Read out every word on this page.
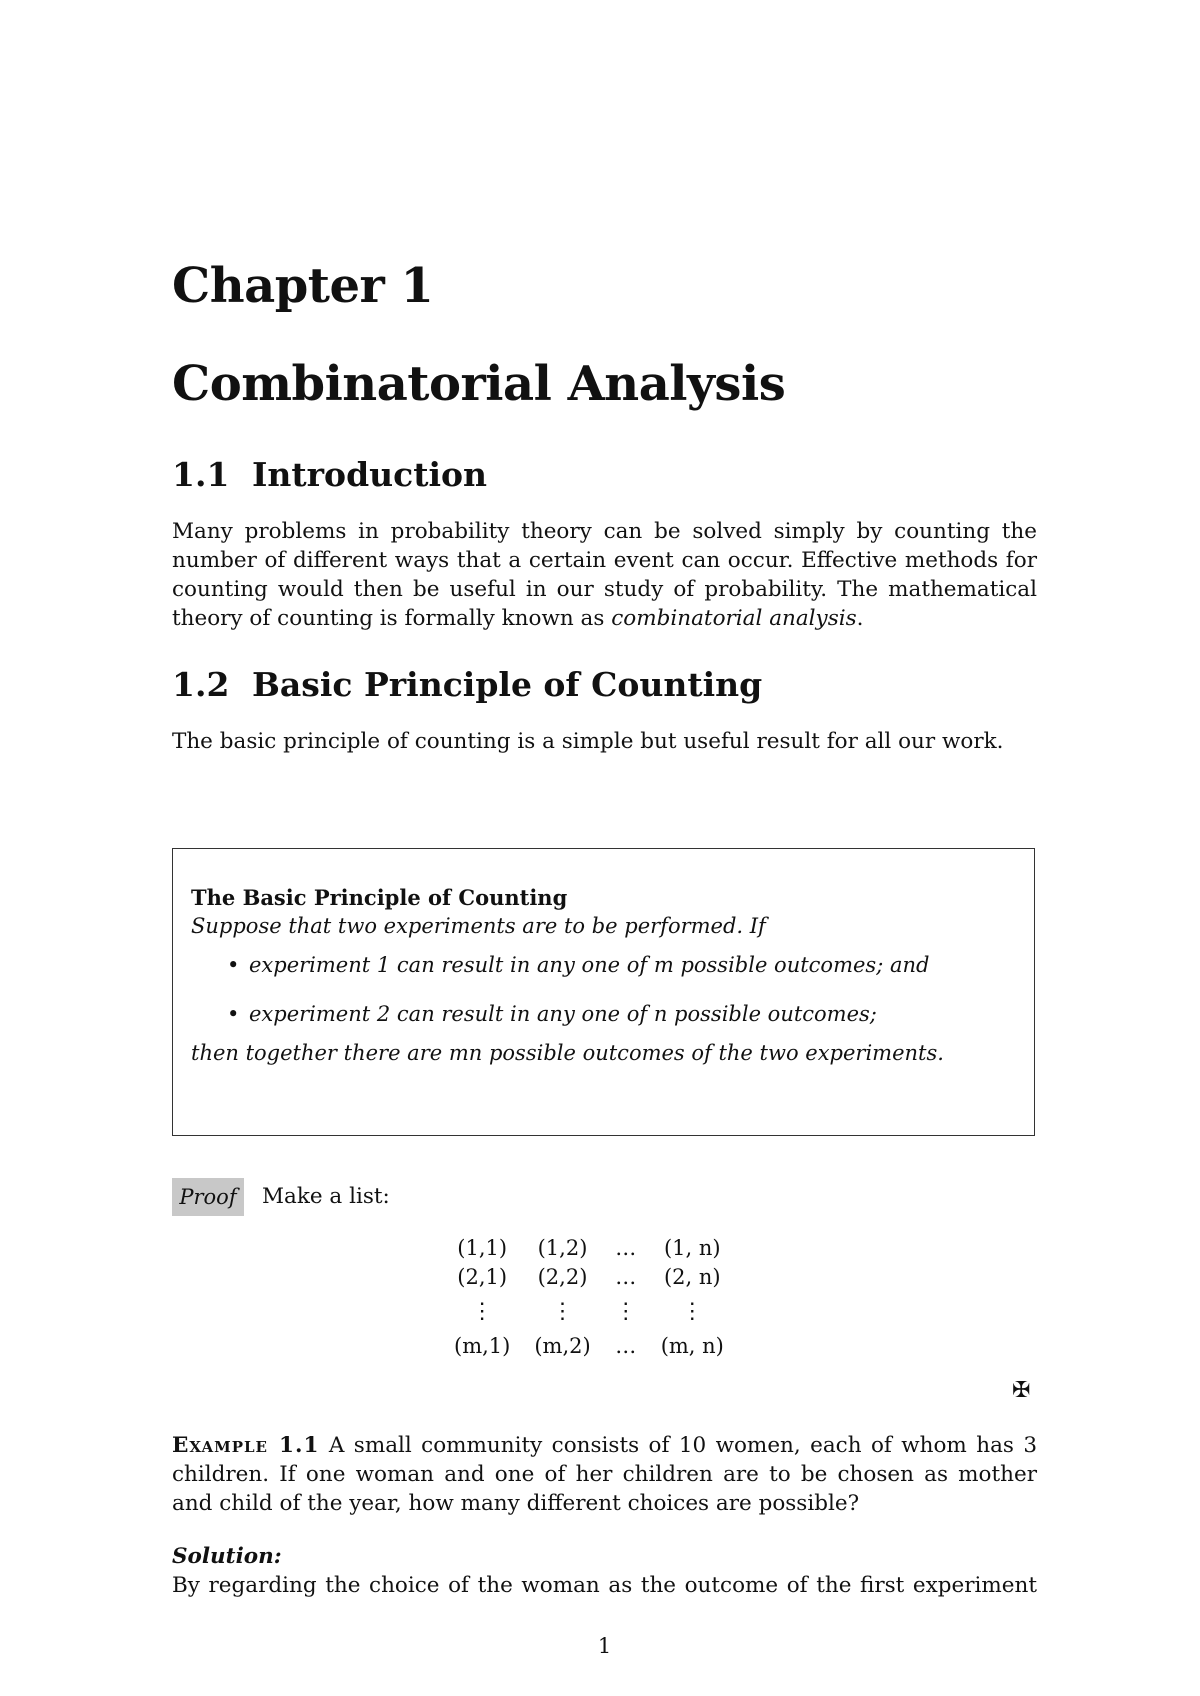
Chapter 1
Combinatorial Analysis
1.1 Introduction
Many problems in probability theory can be solved simply by counting the number of different ways that a certain event can occur. Effective methods for counting would then be useful in our study of probability. The mathematical theory of counting is formally known as combinatorial analysis.
1.2 Basic Principle of Counting
The basic principle of counting is a simple but useful result for all our work.
The Basic Principle of Counting
Suppose that two experiments are to be performed. If
• experiment 1 can result in any one of m possible outcomes; and
• experiment 2 can result in any one of n possible outcomes;
then together there are mn possible outcomes of the two experiments.
Proof	Make a list:
(1,1)	(1,2)	…	(1, n)
(2,1)	(2,2)	…	(2, n)
⋮	⋮	⋮	⋮
(m,1)	(m,2)	…	(m, n)
✠
Example 1.1 A small community consists of 10 women, each of whom has 3 children. If one woman and one of her children are to be chosen as mother and child of the year, how many different choices are possible?
Solution:
By regarding the choice of the woman as the outcome of the first experiment
1
